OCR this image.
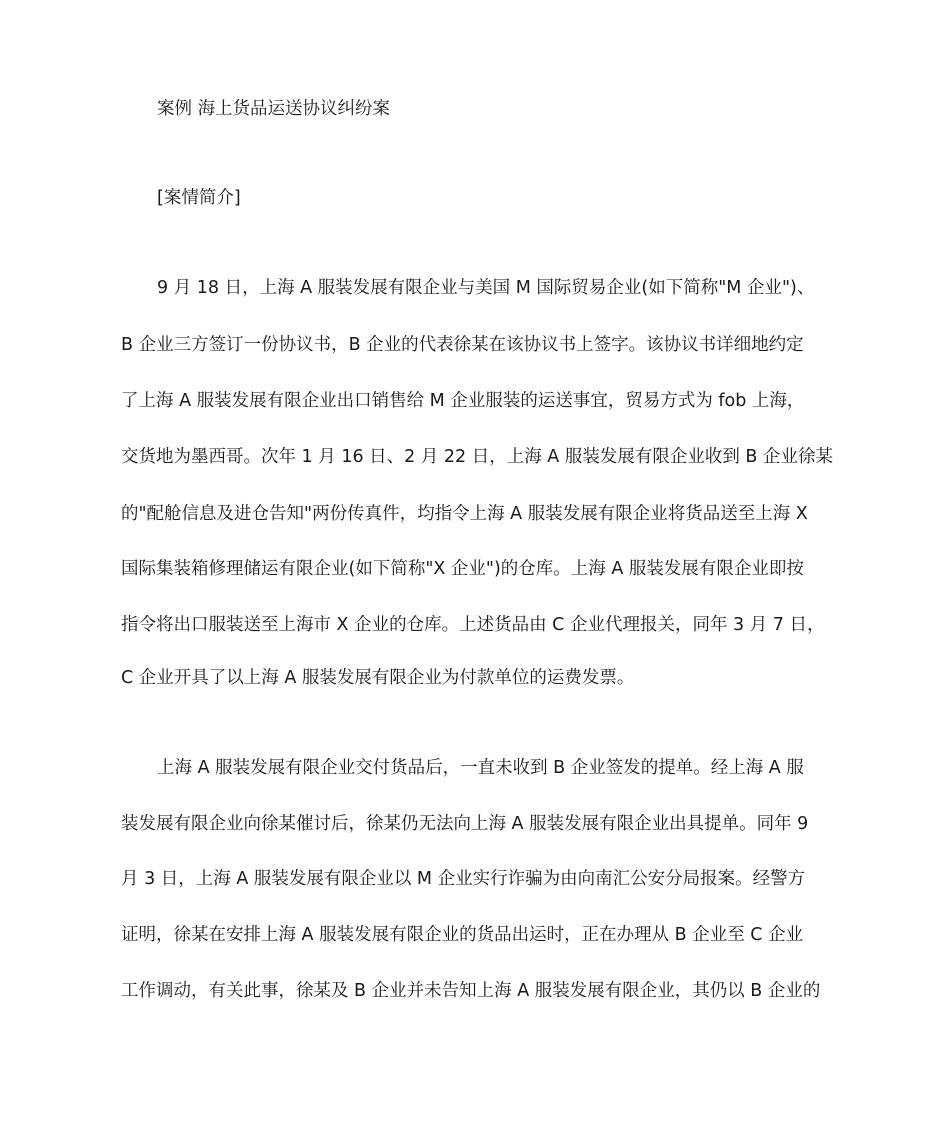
案例 海上货品运送协议纠纷案

[案情简介]

9 月 18 日，上海 A 服装发展有限企业与美国 M 国际贸易企业(如下简称"M 企业")、

B 企业三方签订一份协议书，B 企业的代表徐某在该协议书上签字。该协议书详细地约定

了上海 A 服装发展有限企业出口销售给 M 企业服装的运送事宜，贸易方式为 fob 上海，

交货地为墨西哥。次年 1 月 16 日、2 月 22 日，上海 A 服装发展有限企业收到 B 企业徐某

的"配舱信息及进仓告知"两份传真件，均指令上海 A 服装发展有限企业将货品送至上海 X

国际集装箱修理储运有限企业(如下简称"X 企业")的仓库。上海 A 服装发展有限企业即按

指令将出口服装送至上海市 X 企业的仓库。上述货品由 C 企业代理报关，同年 3 月 7 日，

C 企业开具了以上海 A 服装发展有限企业为付款单位的运费发票。

上海 A 服装发展有限企业交付货品后，一直未收到 B 企业签发的提单。经上海 A 服

装发展有限企业向徐某催讨后，徐某仍无法向上海 A 服装发展有限企业出具提单。同年 9

月 3 日，上海 A 服装发展有限企业以 M 企业实行诈骗为由向南汇公安分局报案。经警方

证明，徐某在安排上海 A 服装发展有限企业的货品出运时，正在办理从 B 企业至 C 企业

工作调动，有关此事，徐某及 B 企业并未告知上海 A 服装发展有限企业，其仍以 B 企业的
